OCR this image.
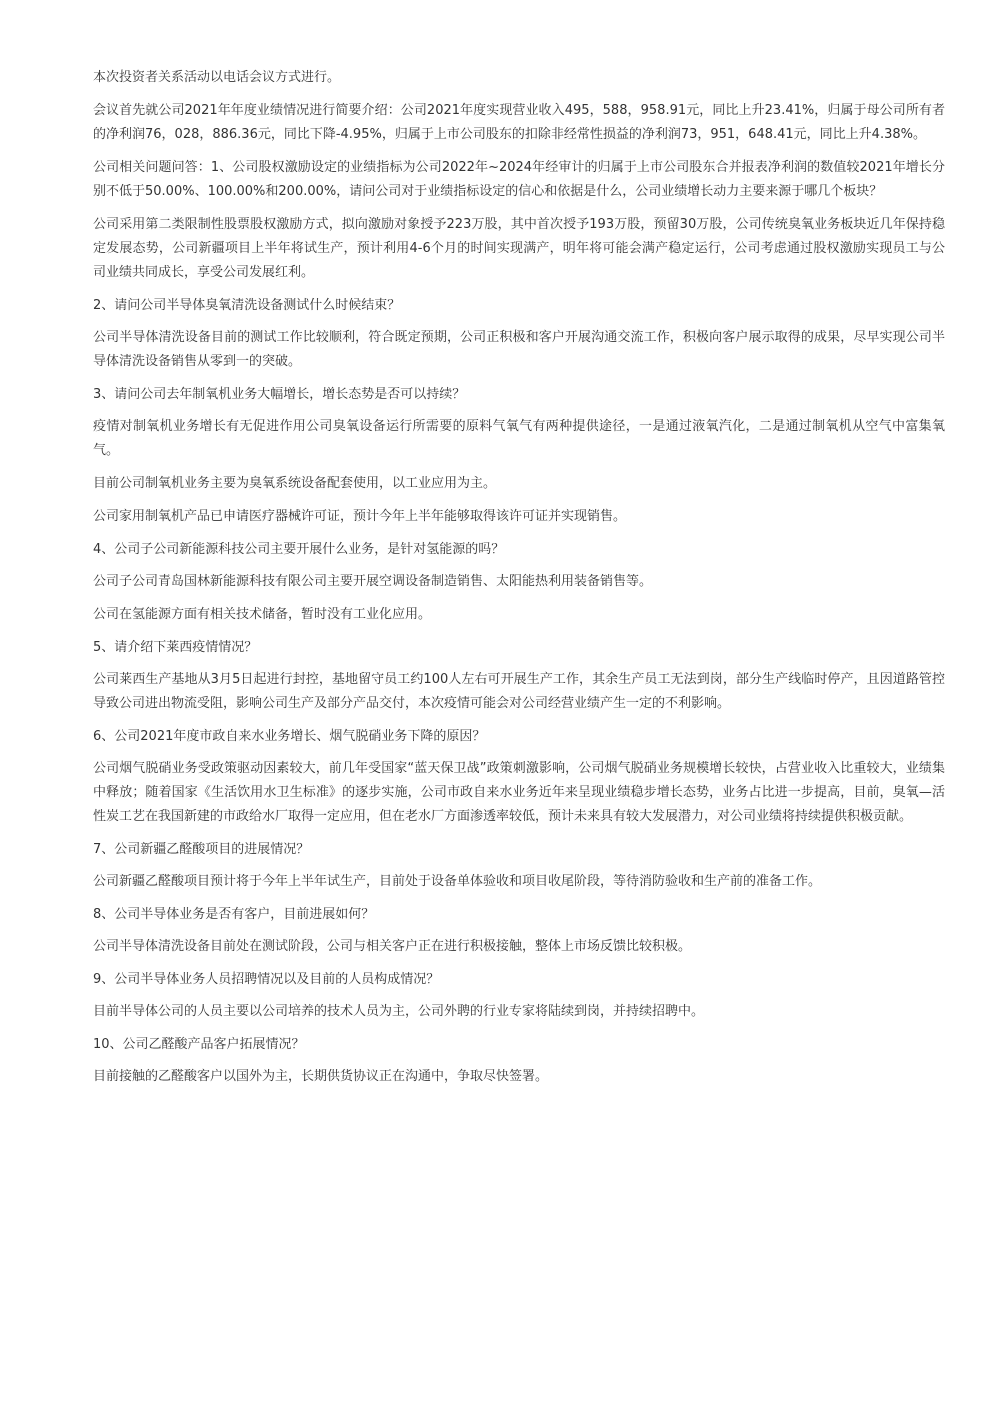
本次投资者关系活动以电话会议方式进行。

会议首先就公司2021年年度业绩情况进行简要介绍：公司2021年度实现营业收入495，588，958.91元，同比上升23.41%，归属于母公司所有者的净利润76，028，886.36元，同比下降-4.95%，归属于上市公司股东的扣除非经常性损益的净利润73，951，648.41元，同比上升4.38%。

公司相关问题问答：1、公司股权激励设定的业绩指标为公司2022年~2024年经审计的归属于上市公司股东合并报表净利润的数值较2021年增长分别不低于50.00%、100.00%和200.00%，请问公司对于业绩指标设定的信心和依据是什么，公司业绩增长动力主要来源于哪几个板块？

公司采用第二类限制性股票股权激励方式，拟向激励对象授予223万股，其中首次授予193万股，预留30万股，公司传统臭氧业务板块近几年保持稳定发展态势，公司新疆项目上半年将试生产，预计利用4-6个月的时间实现满产，明年将可能会满产稳定运行，公司考虑通过股权激励实现员工与公司业绩共同成长，享受公司发展红利。

2、请问公司半导体臭氧清洗设备测试什么时候结束？

公司半导体清洗设备目前的测试工作比较顺利，符合既定预期，公司正积极和客户开展沟通交流工作，积极向客户展示取得的成果，尽早实现公司半导体清洗设备销售从零到一的突破。

3、请问公司去年制氧机业务大幅增长，增长态势是否可以持续？

疫情对制氧机业务增长有无促进作用公司臭氧设备运行所需要的原料气氧气有两种提供途径，一是通过液氧汽化，二是通过制氧机从空气中富集氧气。

目前公司制氧机业务主要为臭氧系统设备配套使用，以工业应用为主。

公司家用制氧机产品已申请医疗器械许可证，预计今年上半年能够取得该许可证并实现销售。

4、公司子公司新能源科技公司主要开展什么业务，是针对氢能源的吗？

公司子公司青岛国林新能源科技有限公司主要开展空调设备制造销售、太阳能热利用装备销售等。

公司在氢能源方面有相关技术储备，暂时没有工业化应用。

5、请介绍下莱西疫情情况？

公司莱西生产基地从3月5日起进行封控，基地留守员工约100人左右可开展生产工作，其余生产员工无法到岗，部分生产线临时停产，且因道路管控导致公司进出物流受阻，影响公司生产及部分产品交付，本次疫情可能会对公司经营业绩产生一定的不利影响。

6、公司2021年度市政自来水业务增长、烟气脱硝业务下降的原因？

公司烟气脱硝业务受政策驱动因素较大，前几年受国家“蓝天保卫战”政策刺激影响，公司烟气脱硝业务规模增长较快，占营业收入比重较大，业绩集中释放；随着国家《生活饮用水卫生标准》的逐步实施，公司市政自来水业务近年来呈现业绩稳步增长态势，业务占比进一步提高，目前，臭氧—活性炭工艺在我国新建的市政给水厂取得一定应用，但在老水厂方面渗透率较低，预计未来具有较大发展潜力，对公司业绩将持续提供积极贡献。

7、公司新疆乙醛酸项目的进展情况？

公司新疆乙醛酸项目预计将于今年上半年试生产，目前处于设备单体验收和项目收尾阶段，等待消防验收和生产前的准备工作。

8、公司半导体业务是否有客户，目前进展如何？

公司半导体清洗设备目前处在测试阶段，公司与相关客户正在进行积极接触，整体上市场反馈比较积极。

9、公司半导体业务人员招聘情况以及目前的人员构成情况？

目前半导体公司的人员主要以公司培养的技术人员为主，公司外聘的行业专家将陆续到岗，并持续招聘中。

10、公司乙醛酸产品客户拓展情况？

目前接触的乙醛酸客户以国外为主，长期供货协议正在沟通中，争取尽快签署。
